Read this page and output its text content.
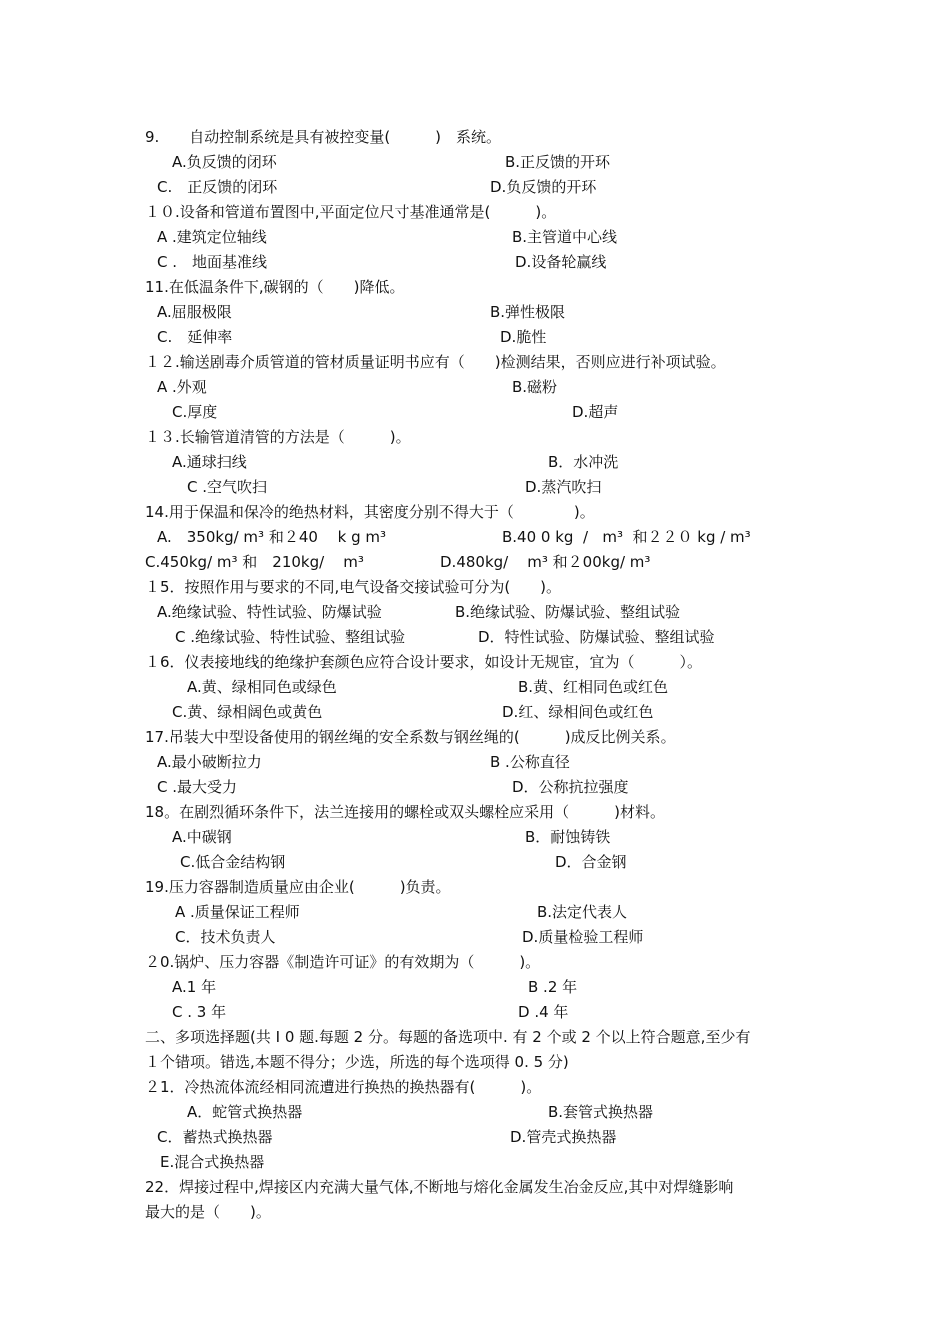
9.　　自动控制系统是具有被控变量(　　　)　系统。
A.负反馈的闭环	B.正反馈的开环
C.　正反馈的闭环	D.负反馈的开环
１０.设备和管道布置图中,平面定位尺寸基准通常是(　　　)。
A .建筑定位轴线	B.主管道中心线
C .　地面基准线	D.设备轮赢线
11.在低温条件下,碳钢的（　　)降低。
A.屈服极限	B.弹性极限
C.　延伸率	D.脆性
１２.输送剧毒介质管道的管材质量证明书应有（　　)检测结果，否则应进行补项试验。
A .外观	B.磁粉
C.厚度	D.超声
１３.长输管道清管的方法是（　　　)。
A.通球扫线	B．水冲洗
C .空气吹扫	D.蒸汽吹扫
14.用于保温和保冷的绝热材料，其密度分别不得大于（　　　　)。
A.　350kg/ m³ 和２40　 k g m³	B.40 0 kg  /   m³  和２２０ kg / m³
C.450kg/ m³ 和　210kg/    m³	D.480kg/    m³ 和２00kg/ m³
１5．按照作用与要求的不同,电气设备交接试验可分为(　　)。
A.绝缘试验、特性试验、防爆试验	B.绝缘试验、防爆试验、整组试验
C .绝缘试验、特性试验、整组试验	D．特性试验、防爆试验、整组试验
１6．仪表接地线的绝缘护套颜色应符合设计要求，如设计无规宦，宜为（　　　）。
A.黄、绿相同色或绿色	B.黄、红相同色或红色
C.黄、绿相阔色或黄色	D.红、绿相间色或红色
17.吊装大中型设备使用的钢丝绳的安全系数与钢丝绳的(　　　)成反比例关系。
A.最小破断拉力	B .公称直径
C .最大受力	D．公称抗拉强度
18。在剧烈循环条件下，法兰连接用的螺栓或双头螺栓应采用（　　　)材料。
A.中碳钢	B．耐蚀铸铁
C.低合金结构钢	D．合金钢
19.压力容器制造质量应由企业(　　　)负责。
A .质量保证工程师	B.法定代表人
C．技术负责人	D.质量检验工程师
２0.锅炉、压力容器《制造许可证》的有效期为（　　　)。
A.1 年	B .2 年
C . 3 年	D .4 年
二、多项选择题(共 I 0 题.每题 2 分。每题的备选项中. 有 2 个或 2 个以上符合题意,至少有
１个错项。错选,本题不得分；少选，所选的每个选项得 0. 5 分)
２1．冷热流体流经相同流遭进行换热的换热器有(　　　)。
A．蛇管式换热器	B.套管式换热器
C．蓄热式换热器	D.管壳式换热器
E.混合式换热器
22．焊接过程中,焊接区内充满大量气体,不断地与熔化金属发生冶金反应,其中对焊缝影响
最大的是（　　)。
